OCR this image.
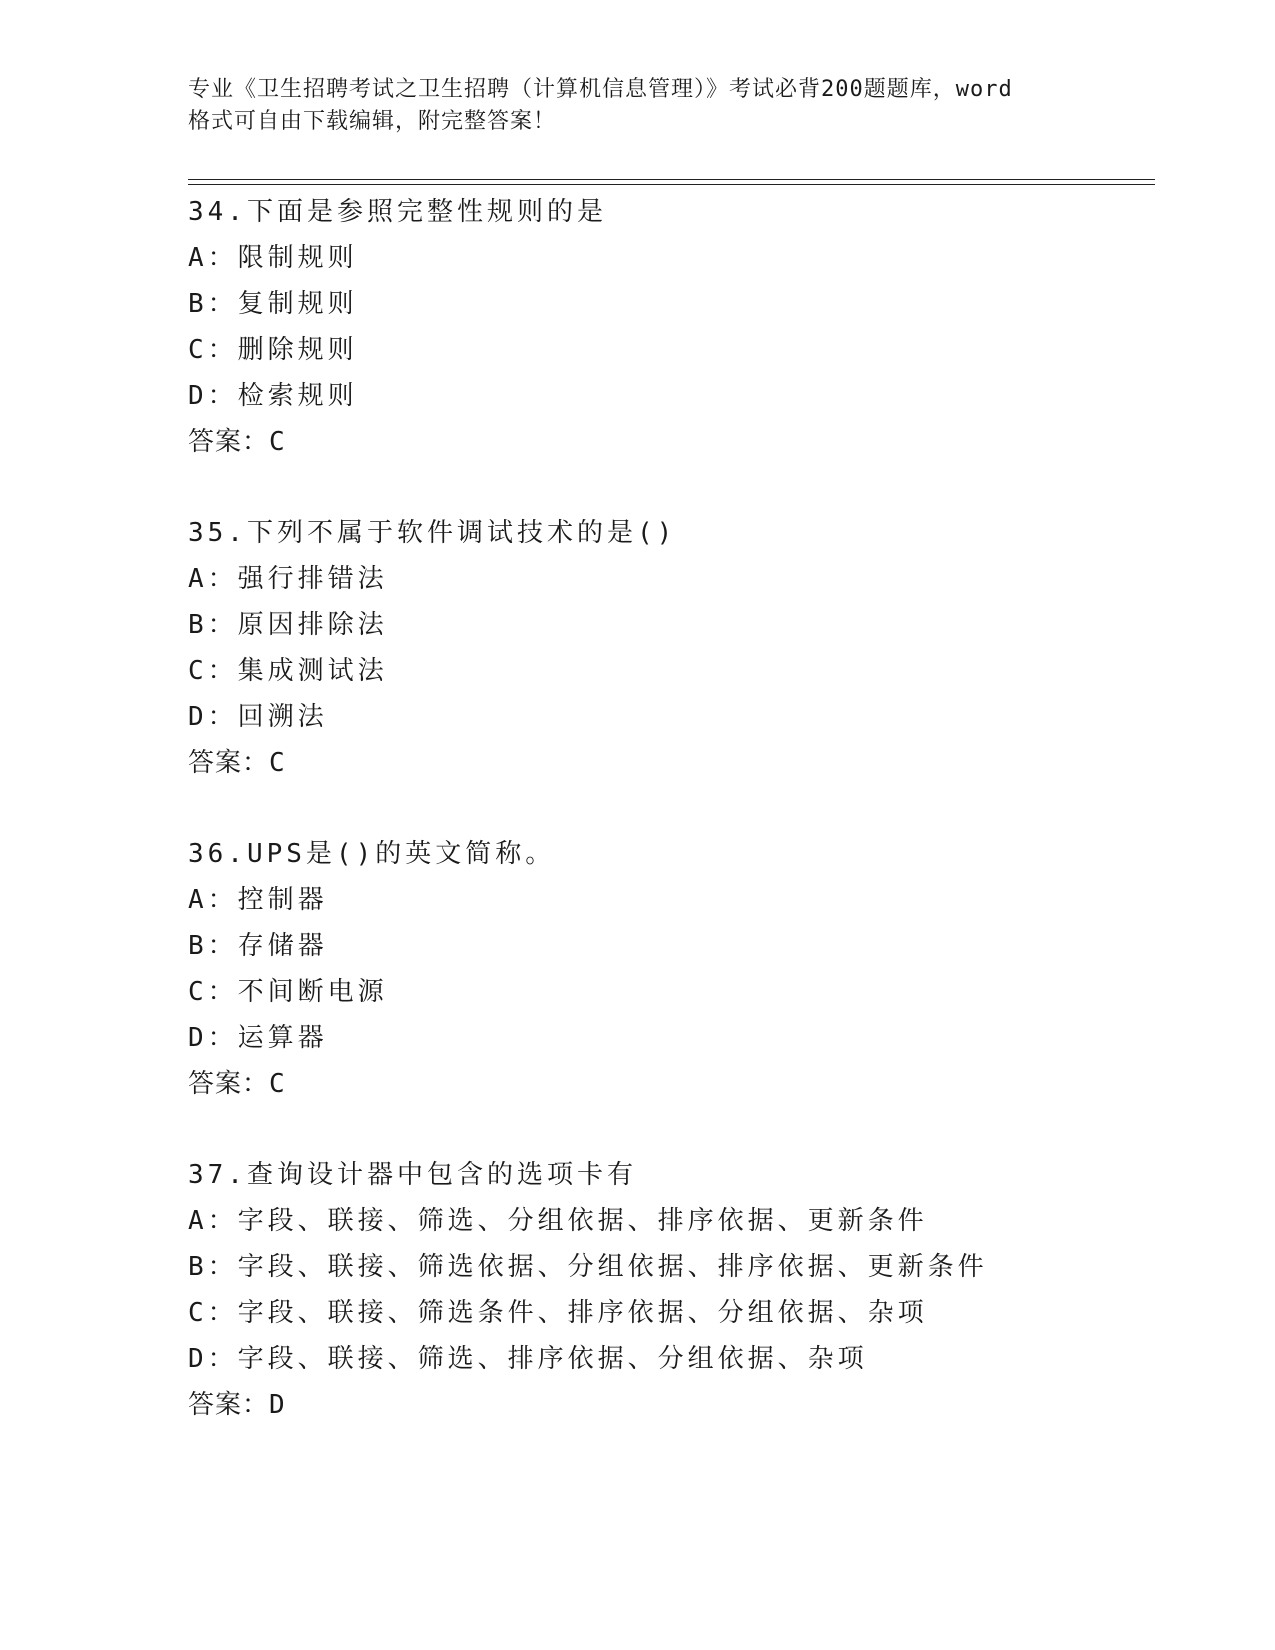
专业《卫生招聘考试之卫生招聘（计算机信息管理）》考试必背200题题库，word
格式可自由下载编辑，附完整答案！
34.下面是参照完整性规则的是
A：限制规则
B：复制规则
C：删除规则
D：检索规则
答案：C
35.下列不属于软件调试技术的是()
A：强行排错法
B：原因排除法
C：集成测试法
D：回溯法
答案：C
36.UPS是()的英文简称。
A：控制器
B：存储器
C：不间断电源
D：运算器
答案：C
37.查询设计器中包含的选项卡有
A：字段、联接、筛选、分组依据、排序依据、更新条件
B：字段、联接、筛选依据、分组依据、排序依据、更新条件
C：字段、联接、筛选条件、排序依据、分组依据、杂项
D：字段、联接、筛选、排序依据、分组依据、杂项
答案：D
